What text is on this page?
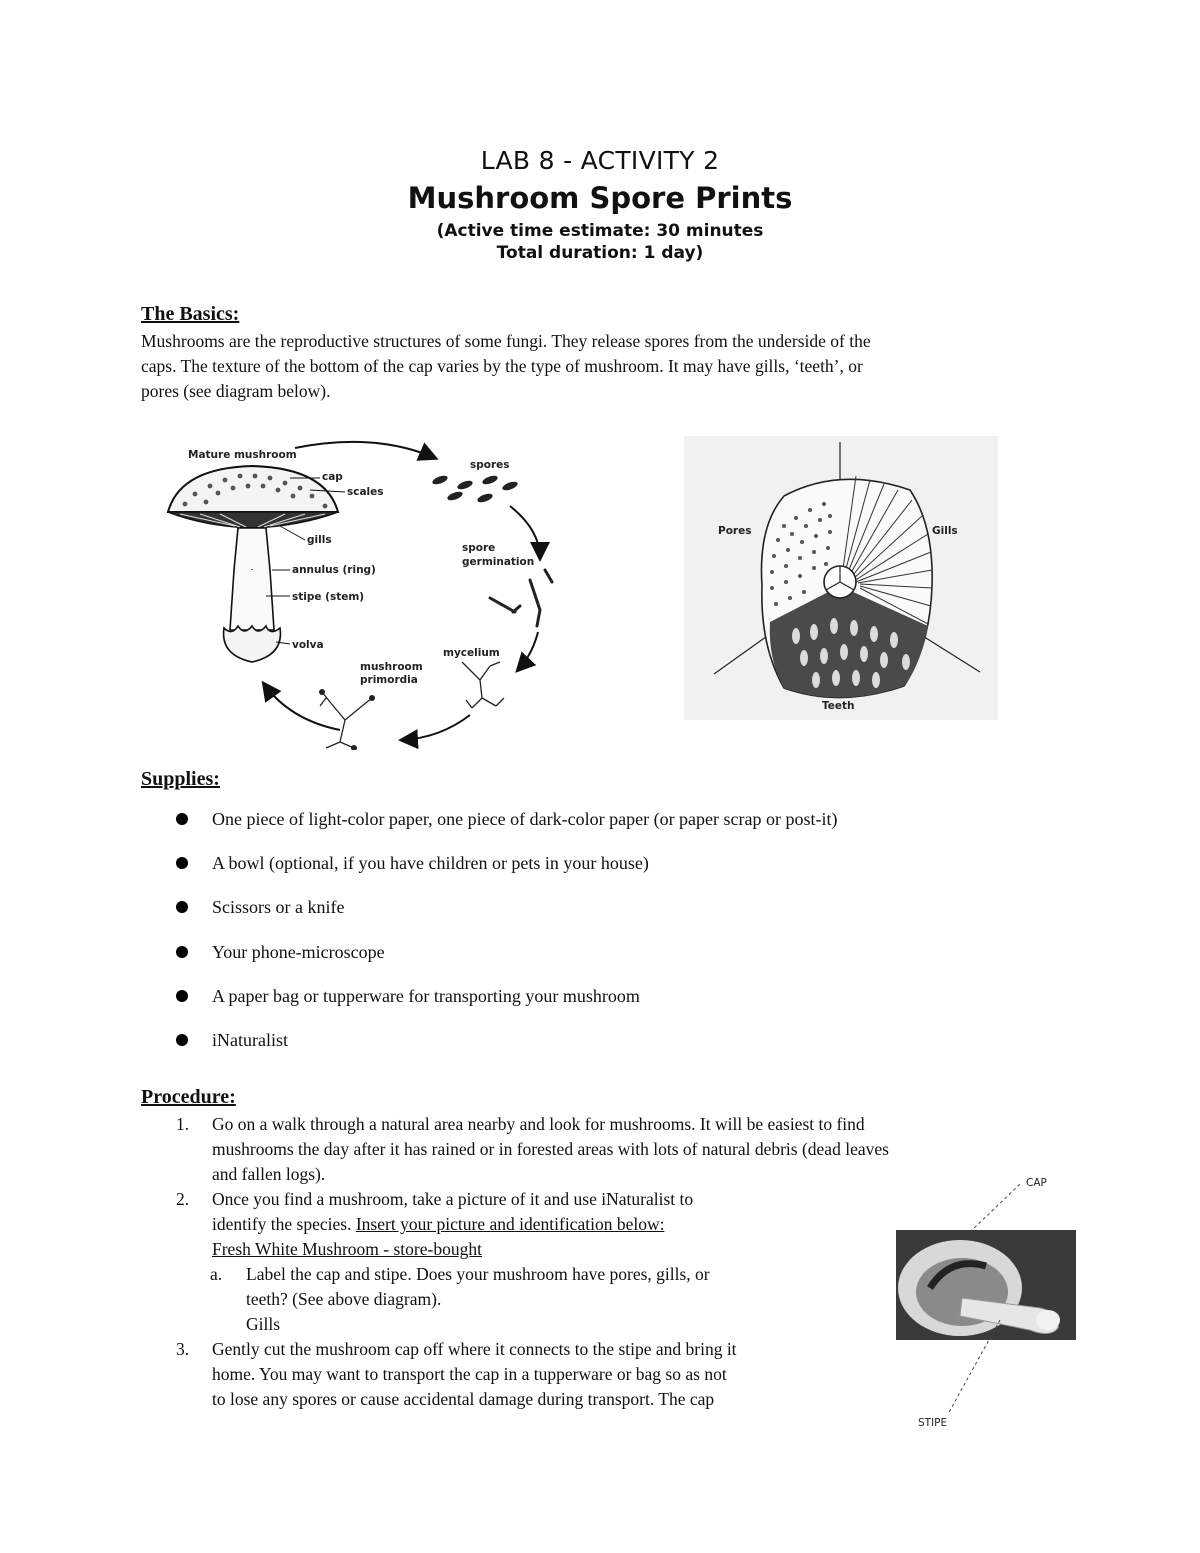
LAB 8 - ACTIVITY 2
Mushroom Spore Prints
(Active time estimate: 30 minutes
Total duration: 1 day)
The Basics:
Mushrooms are the reproductive structures of some fungi. They release spores from the underside of the
caps. The texture of the bottom of the cap varies by the type of mushroom. It may have gills, ‘teeth’, or
pores (see diagram below).
Mature mushroom
cap
scales
gills
annulus (ring)
stipe (stem)
volva
spores
spore
germination
mycelium
mushroom
primordia
Pores	Gills
Teeth
Supplies:
One piece of light-color paper, one piece of dark-color paper (or paper scrap or post-it)
A bowl (optional, if you have children or pets in your house)
Scissors or a knife
Your phone-microscope
A paper bag or tupperware for transporting your mushroom
iNaturalist
Procedure:
1. Go on a walk through a natural area nearby and look for mushrooms. It will be easiest to find
mushrooms the day after it has rained or in forested areas with lots of natural debris (dead leaves
and fallen logs).
2. Once you find a mushroom, take a picture of it and use iNaturalist to
identify the species. Insert your picture and identification below:
Fresh White Mushroom - store-bought
a. Label the cap and stipe. Does your mushroom have pores, gills, or
teeth? (See above diagram).
Gills
3. Gently cut the mushroom cap off where it connects to the stipe and bring it
home. You may want to transport the cap in a tupperware or bag so as not
to lose any spores or cause accidental damage during transport. The cap
CAP
STIPE
